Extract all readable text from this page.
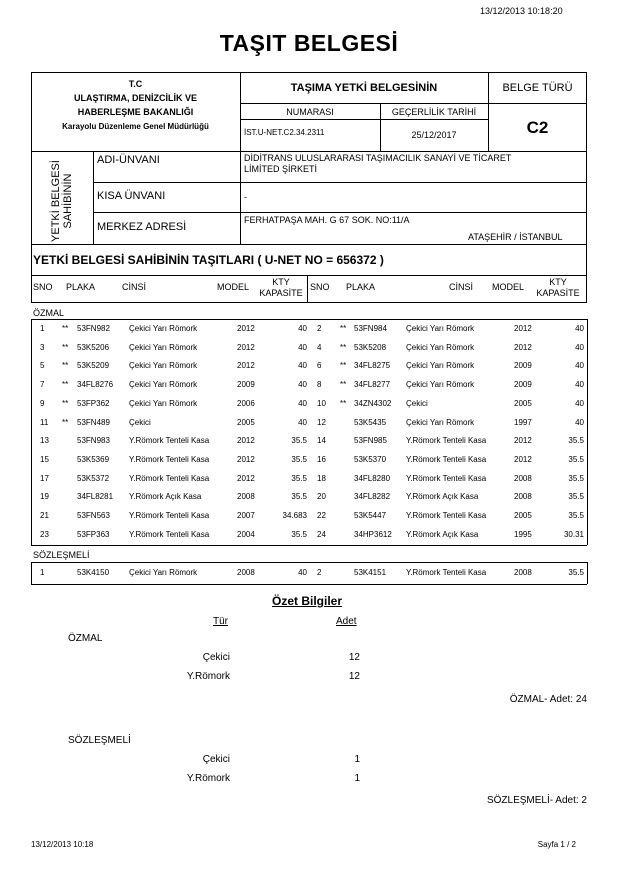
13/12/2013 10:18:20
TAŞIT BELGESİ
T.C
ULAŞTIRMA, DENİZCİLİK VE
HABERLEŞME BAKANLIĞI
Karayolu Düzenleme Genel Müdürlüğü
TAŞIMA YETKİ BELGESİNİN
NUMARASI	GEÇERLİLİK TARİHİ
İST.U-NET.C2.34.2311	25/12/2017
BELGE TÜRÜ
C2
YETKİ BELGESİ SAHİBİNİN
ADI-ÜNVANI	DİDİTRANS ULUSLARARASI TAŞIMACILIK SANAYİ VE TİCARET
LİMİTED ŞİRKETİ
KISA ÜNVANI	-
MERKEZ ADRESİ
FERHATPAŞA MAH. G 67 SOK. NO:11/A
ATAŞEHİR / İSTANBUL
YETKİ BELGESİ SAHİBİNİN TAŞITLARI ( U-NET NO = 656372 )
SNO PLAKA	CİNSİ	MODEL	KTY
KAPASİTE
SNO PLAKA	CİNSİ MODEL	KTY
KAPASİTE
ÖZMAL
1 ** 53FN982 Çekici Yarı Römork	2012	40 2 ** 53FN984 Çekici Yarı Römork	2012	40
3 ** 53K5206 Çekici Yarı Römork	2012	40 4 ** 53K5208 Çekici Yarı Römork	2012	40
5 ** 53K5209 Çekici Yarı Römork	2012	40 6 ** 34FL8275 Çekici Yarı Römork	2009	40
7 ** 34FL8276 Çekici Yarı Römork	2009	40 8 ** 34FL8277 Çekici Yarı Römork	2009	40
9 ** 53FP362 Çekici Yarı Römork	2006	40 10 ** 34ZN4302 Çekici	2005	40
11 ** 53FN489 Çekici	2005	40 12	53K5435 Çekici Yarı Römork	1997	40
13	53FN983 Y.Römork Tenteli Kasa	2012	35.5 14	53FN985 Y.Römork Tenteli Kasa	2012	35.5
15	53K5369 Y.Römork Tenteli Kasa	2012	35.5 16	53K5370 Y.Römork Tenteli Kasa	2012	35.5
17	53K5372 Y.Römork Tenteli Kasa	2012	35.5 18	34FL8280 Y.Römork Tenteli Kasa	2008	35.5
19	34FL8281 Y.Römork Açık Kasa	2008	35.5 20	34FL8282 Y.Römork Açık Kasa	2008	35.5
21	53FN563 Y.Römork Tenteli Kasa	2007	34.683 22	53K5447 Y.Römork Tenteli Kasa	2005	35.5
23	53FP363 Y.Römork Tenteli Kasa	2004	35.5 24	34HP3612 Y.Römork Açık Kasa	1995	30.31
SÖZLEŞMELİ
1	53K4150 Çekici Yarı Römork	2008	40 2	53K4151 Y.Römork Tenteli Kasa	2008	35.5
Özet Bilgiler
Tür	Adet
ÖZMAL
Çekici	12
Y.Römork	12
ÖZMAL- Adet: 24
SÖZLEŞMELİ
Çekici	1
Y.Römork	1
SÖZLEŞMELİ- Adet: 2
13/12/2013 10:18	Sayfa 1 / 2
